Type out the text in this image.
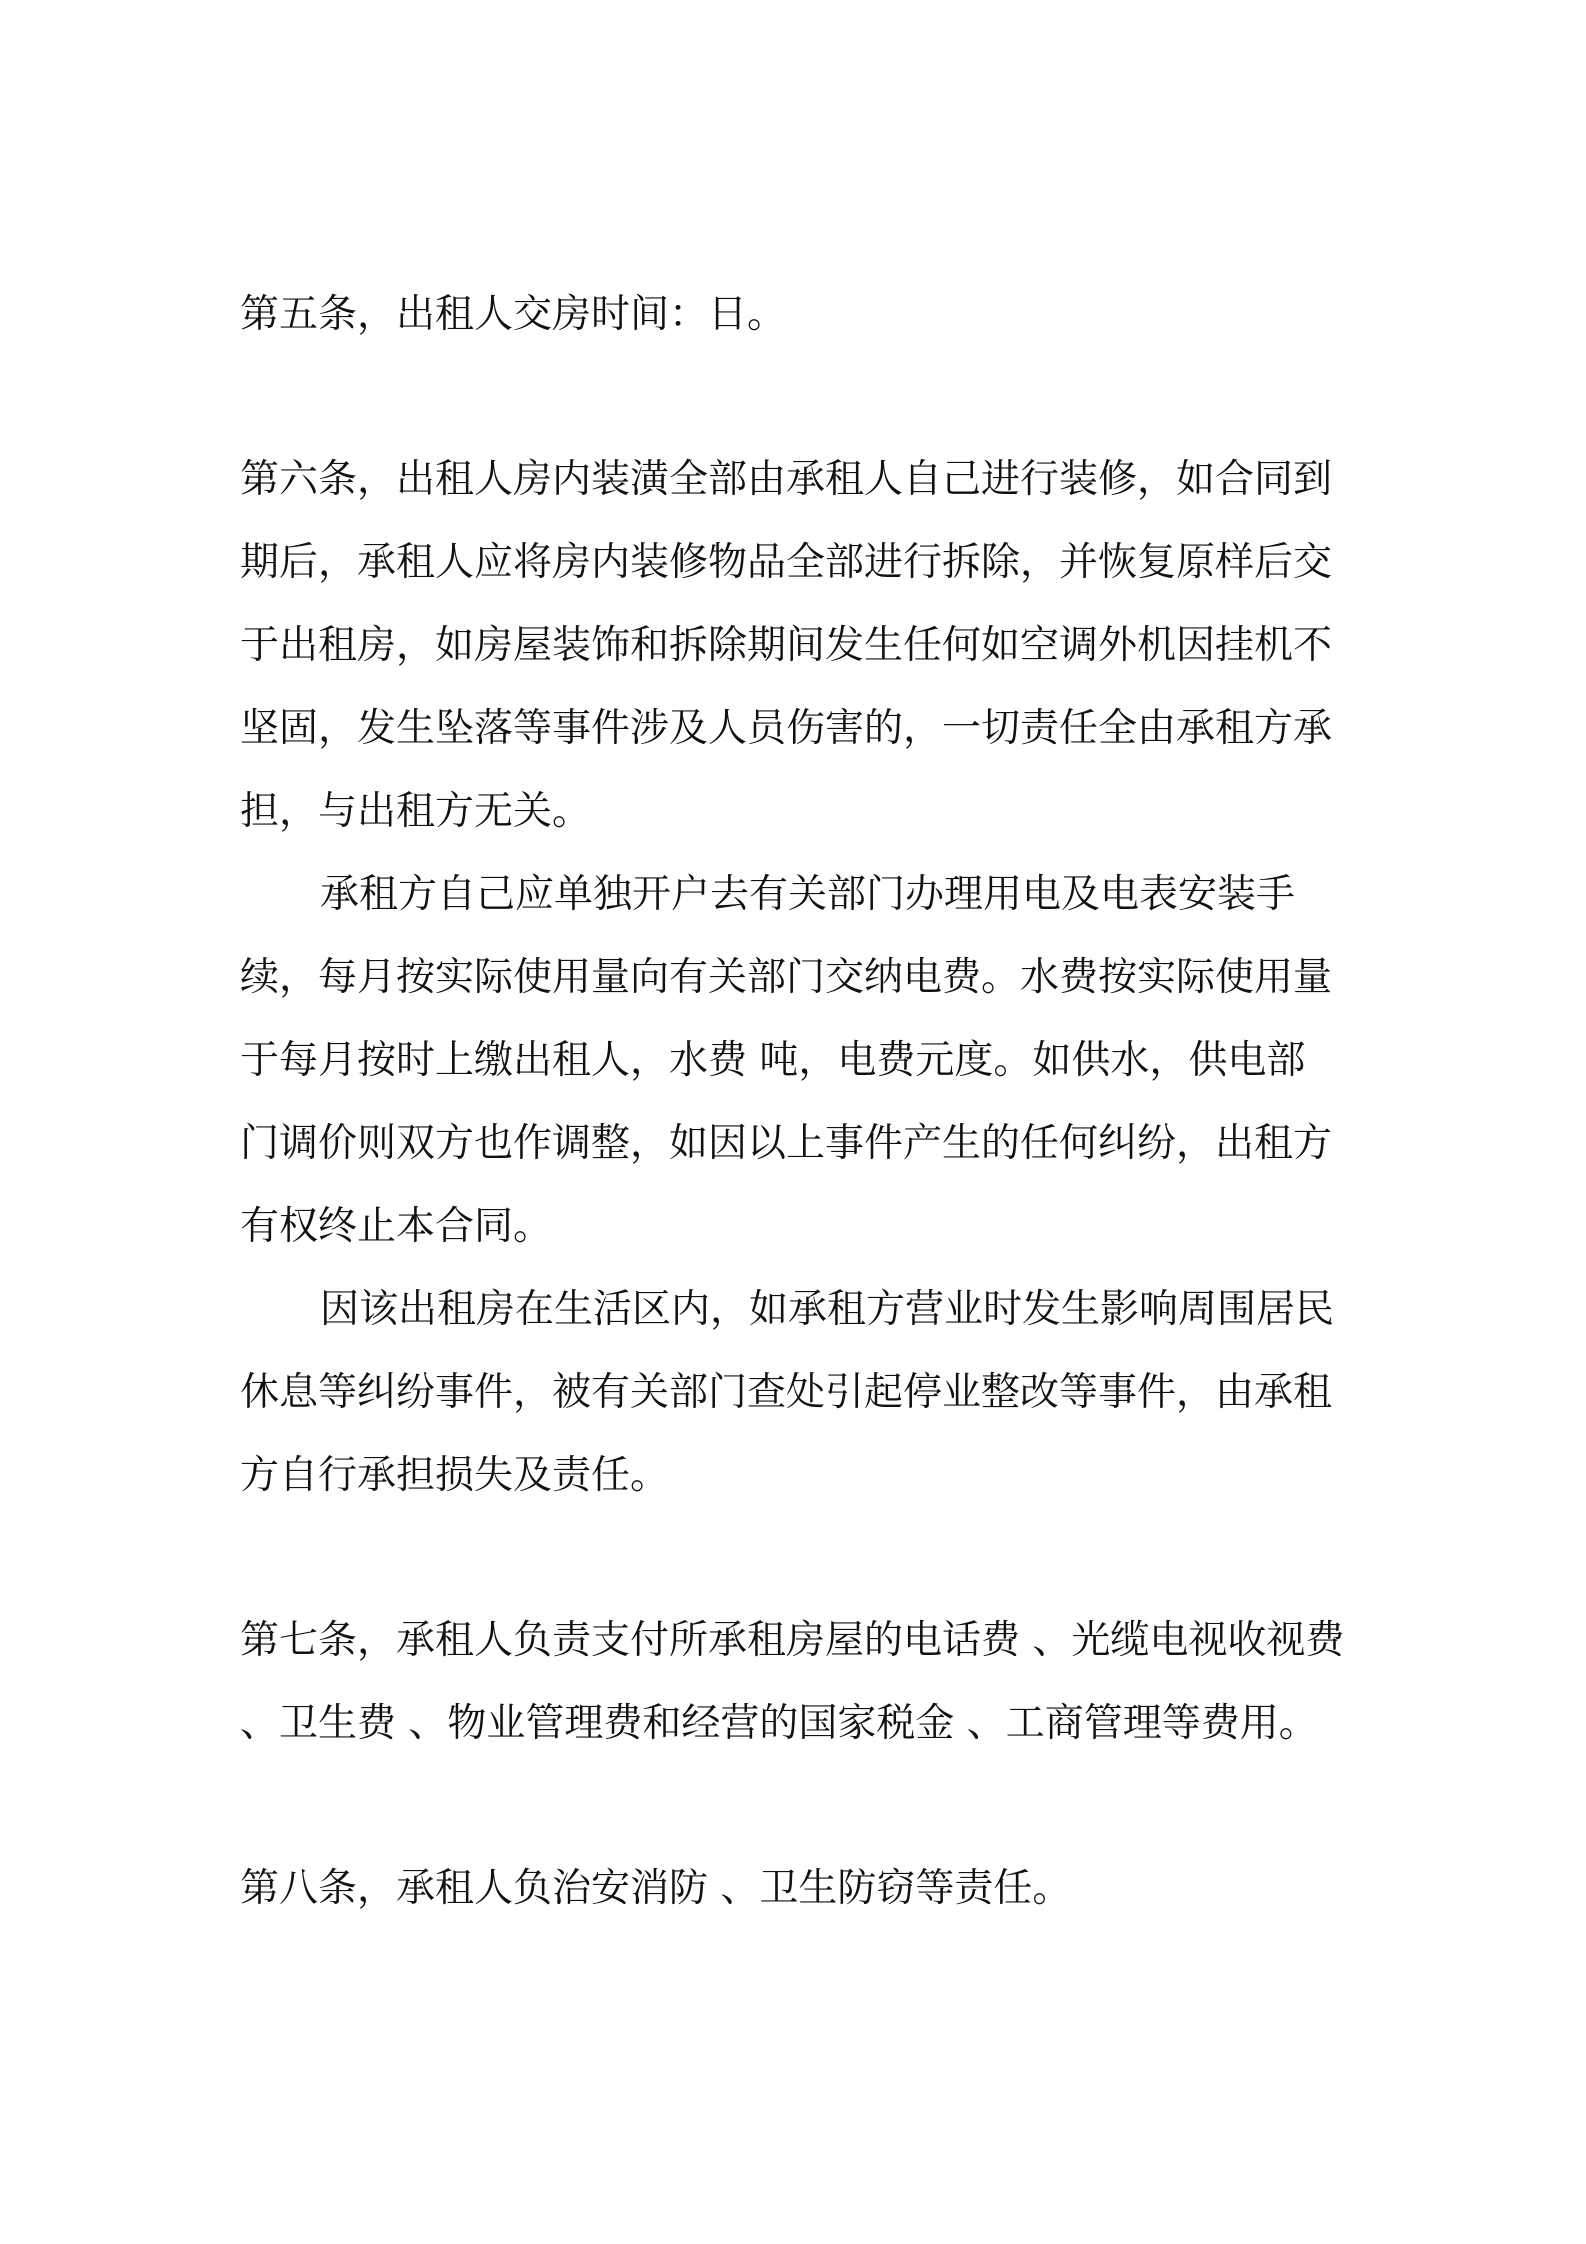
第五条，出租人交房时间：日。
第六条，出租人房内装潢全部由承租人自己进行装修，如合同到
期后，承租人应将房内装修物品全部进行拆除，并恢复原样后交
于出租房，如房屋装饰和拆除期间发生任何如空调外机因挂机不
坚固，发生坠落等事件涉及人员伤害的，一切责任全由承租方承
担，与出租方无关。
承租方自己应单独开户去有关部门办理用电及电表安装手
续，每月按实际使用量向有关部门交纳电费。水费按实际使用量
于每月按时上缴出租人，水费 吨，电费元度。如供水，供电部
门调价则双方也作调整，如因以上事件产生的任何纠纷，出租方
有权终止本合同。
因该出租房在生活区内，如承租方营业时发生影响周围居民
休息等纠纷事件，被有关部门查处引起停业整改等事件，由承租
方自行承担损失及责任。
第七条，承租人负责支付所承租房屋的电话费 、光缆电视收视费
、卫生费 、物业管理费和经营的国家税金 、工商管理等费用。
第八条，承租人负治安消防 、卫生防窃等责任。
